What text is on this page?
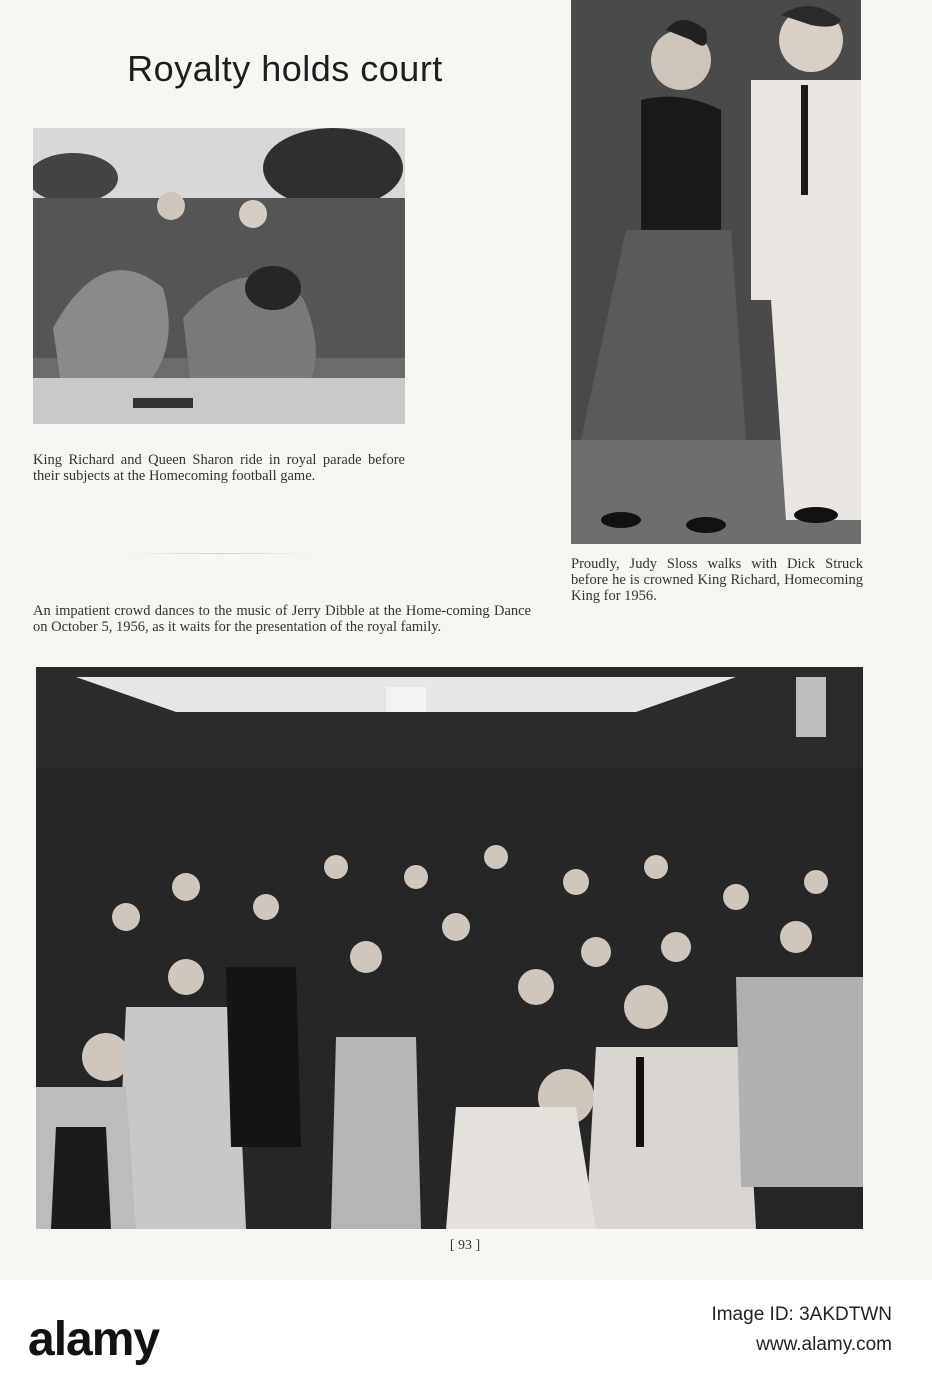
Royalty holds court
King Richard and Queen Sharon ride in royal parade before their subjects at the Homecoming football game.
Proudly, Judy Sloss walks with Dick Struck before he is crowned King Richard, Homecoming King for 1956.
An impatient crowd dances to the music of Jerry Dibble at the Home-coming Dance on October 5, 1956, as it waits for the presentation of the royal family.
[ 93 ]
alamy	Image ID: 3AKDTWN
www.alamy.com
